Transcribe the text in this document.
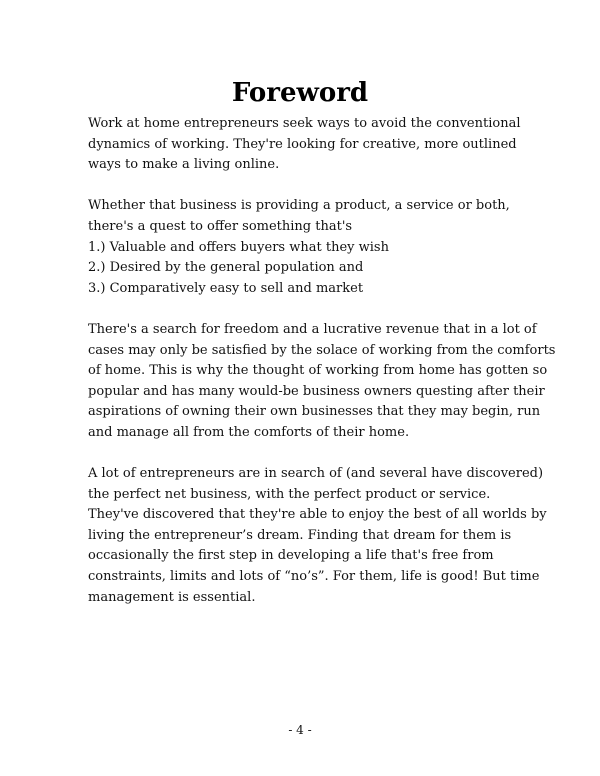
Foreword
Work at home entrepreneurs seek ways to avoid the conventional
dynamics of working. They're looking for creative, more outlined
ways to make a living online.
Whether that business is providing a product, a service or both,
there's a quest to offer something that's
1.) Valuable and offers buyers what they wish
2.) Desired by the general population and
3.) Comparatively easy to sell and market
There's a search for freedom and a lucrative revenue that in a lot of
cases may only be satisfied by the solace of working from the comforts
of home. This is why the thought of working from home has gotten so
popular and has many would-be business owners questing after their
aspirations of owning their own businesses that they may begin, run
and manage all from the comforts of their home.
A lot of entrepreneurs are in search of (and several have discovered)
the perfect net business, with the perfect product or service.
They've discovered that they're able to enjoy the best of all worlds by
living the entrepreneur’s dream. Finding that dream for them is
occasionally the first step in developing a life that's free from
constraints, limits and lots of “no’s”. For them, life is good! But time
management is essential.
- 4 -
